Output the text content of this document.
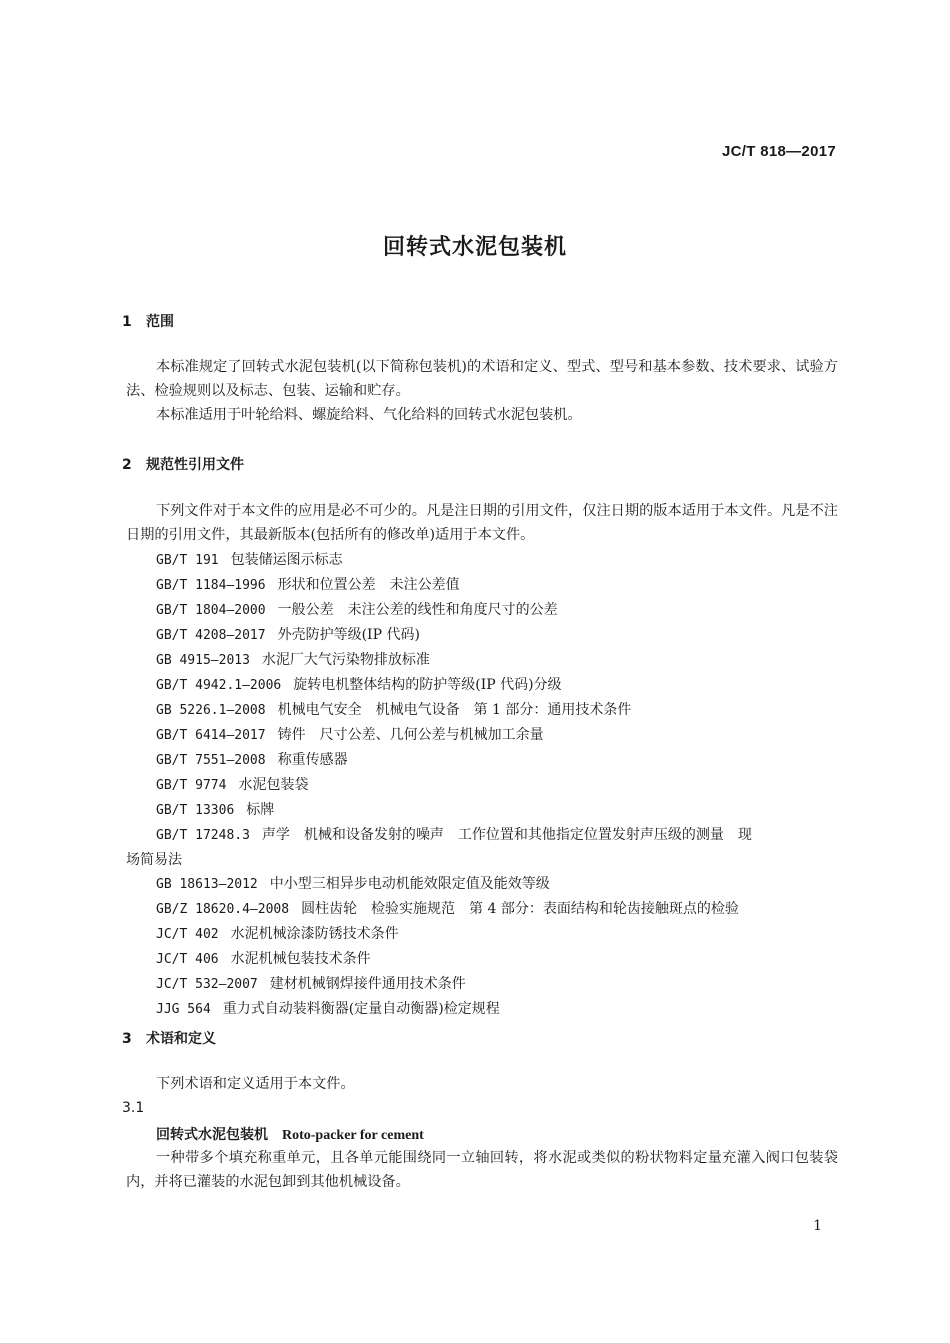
JC/T 818—2017
回转式水泥包装机
1 范围
本标准规定了回转式水泥包装机(以下简称包装机)的术语和定义、型式、型号和基本参数、技术要求、试验方法、检验规则以及标志、包装、运输和贮存。
本标准适用于叶轮给料、螺旋给料、气化给料的回转式水泥包装机。
2 规范性引用文件
下列文件对于本文件的应用是必不可少的。凡是注日期的引用文件，仅注日期的版本适用于本文件。凡是不注日期的引用文件，其最新版本(包括所有的修改单)适用于本文件。
GB/T 191 包装储运图示标志
GB/T 1184—1996 形状和位置公差　未注公差值
GB/T 1804—2000 一般公差　未注公差的线性和角度尺寸的公差
GB/T 4208—2017 外壳防护等级(IP 代码)
GB 4915—2013 水泥厂大气污染物排放标准
GB/T 4942.1—2006 旋转电机整体结构的防护等级(IP 代码)分级
GB 5226.1—2008 机械电气安全　机械电气设备　第 1 部分：通用技术条件
GB/T 6414—2017 铸件　尺寸公差、几何公差与机械加工余量
GB/T 7551—2008 称重传感器
GB/T 9774 水泥包装袋
GB/T 13306 标牌
GB/T 17248.3 声学　机械和设备发射的噪声　工作位置和其他指定位置发射声压级的测量　现
场简易法
GB 18613—2012 中小型三相异步电动机能效限定值及能效等级
GB/Z 18620.4—2008 圆柱齿轮　检验实施规范　第 4 部分：表面结构和轮齿接触斑点的检验
JC/T 402 水泥机械涂漆防锈技术条件
JC/T 406 水泥机械包装技术条件
JC/T 532—2007 建材机械钢焊接件通用技术条件
JJG 564 重力式自动装料衡器(定量自动衡器)检定规程
3 术语和定义
下列术语和定义适用于本文件。
3.1
回转式水泥包装机 Roto-packer for cement
一种带多个填充称重单元，且各单元能围绕同一立轴回转，将水泥或类似的粉状物料定量充灌入阀口包装袋内，并将已灌装的水泥包卸到其他机械设备。
1
